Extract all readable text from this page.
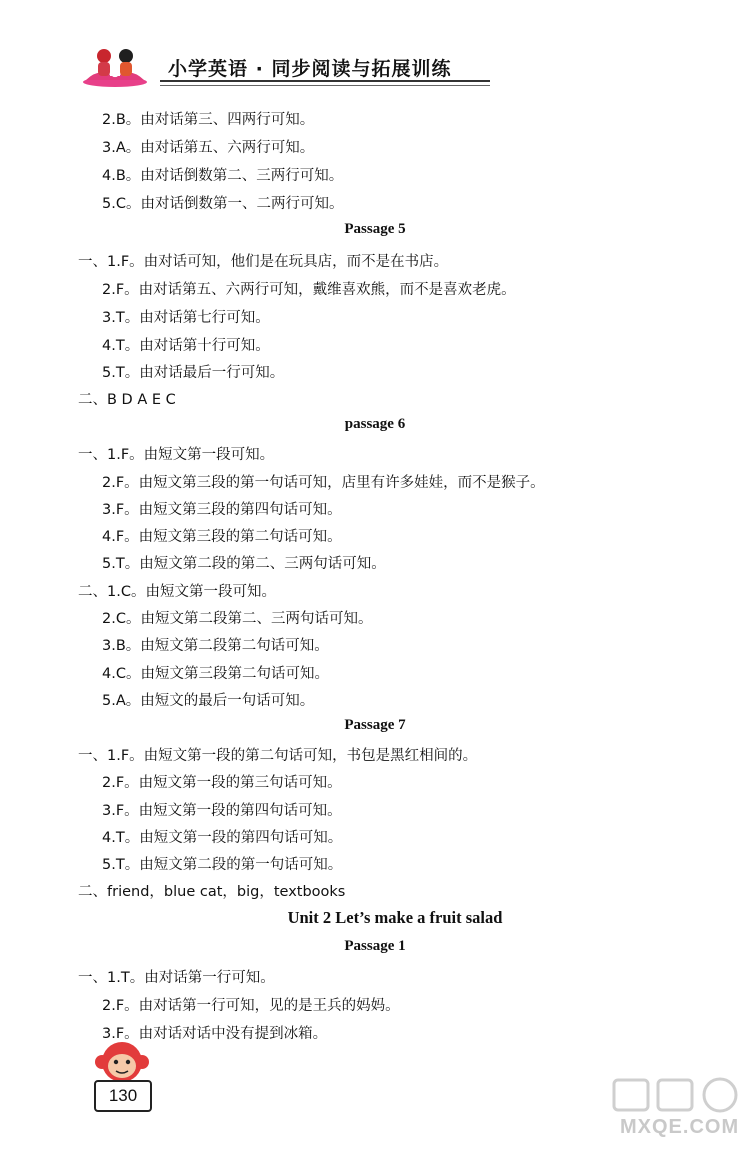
小学英语 · 同步阅读与拓展训练
2.B。由对话第三、四两行可知。
3.A。由对话第五、六两行可知。
4.B。由对话倒数第二、三两行可知。
5.C。由对话倒数第一、二两行可知。
Passage 5
一、1.F。由对话可知，他们是在玩具店，而不是在书店。
2.F。由对话第五、六两行可知，戴维喜欢熊，而不是喜欢老虎。
3.T。由对话第七行可知。
4.T。由对话第十行可知。
5.T。由对话最后一行可知。
二、B D A E C
passage 6
一、1.F。由短文第一段可知。
2.F。由短文第三段的第一句话可知，店里有许多娃娃，而不是猴子。
3.F。由短文第三段的第四句话可知。
4.F。由短文第三段的第二句话可知。
5.T。由短文第二段的第二、三两句话可知。
二、1.C。由短文第一段可知。
2.C。由短文第二段第二、三两句话可知。
3.B。由短文第二段第二句话可知。
4.C。由短文第三段第二句话可知。
5.A。由短文的最后一句话可知。
Passage 7
一、1.F。由短文第一段的第二句话可知，书包是黑红相间的。
2.F。由短文第一段的第三句话可知。
3.F。由短文第一段的第四句话可知。
4.T。由短文第一段的第四句话可知。
5.T。由短文第二段的第一句话可知。
二、friend，blue cat，big，textbooks
Unit 2 Let’s make a fruit salad
Passage 1
一、1.T。由对话第一行可知。
2.F。由对话第一行可知，见的是王兵的妈妈。
3.F。由对话对话中没有提到冰箱。
130
MXQE.COM
